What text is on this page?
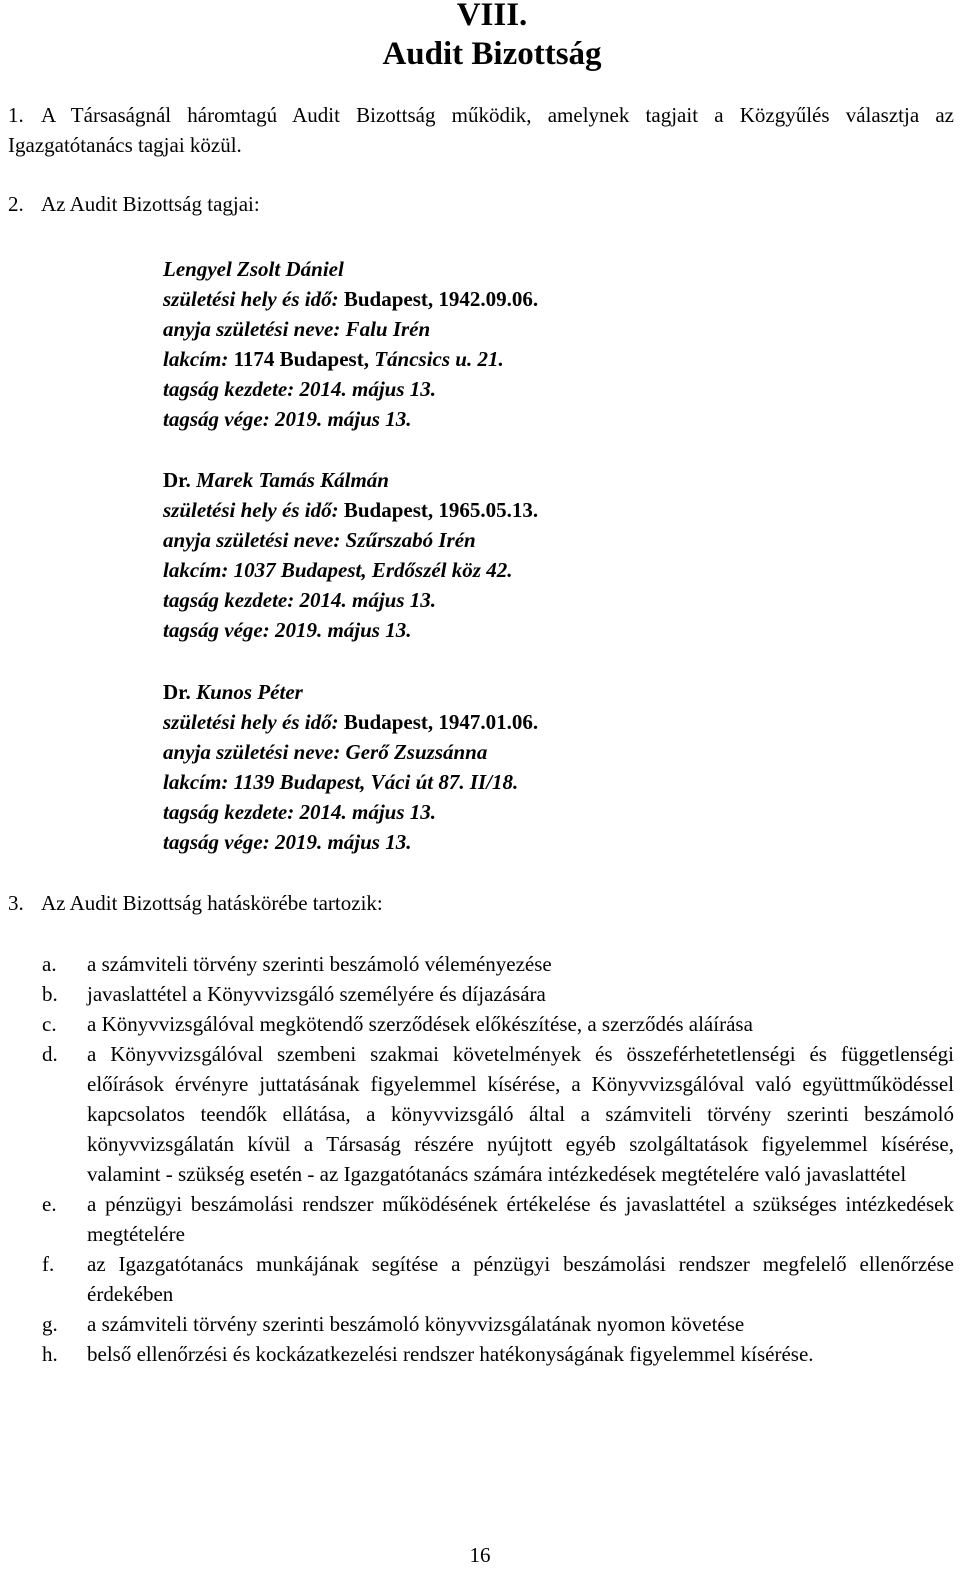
VIII.
Audit Bizottság
1. A Társaságnál háromtagú Audit Bizottság működik, amelynek tagjait a Közgyűlés választja az Igazgatótanács tagjai közül.
2. Az Audit Bizottság tagjai:
Lengyel Zsolt Dániel
születési hely és idő: Budapest, 1942.09.06.
anyja születési neve: Falu Irén
lakcím: 1174 Budapest, Táncsics u. 21.
tagság kezdete: 2014. május 13.
tagság vége: 2019. május 13.
Dr. Marek Tamás Kálmán
születési hely és idő: Budapest, 1965.05.13.
anyja születési neve: Szűrszabó Irén
lakcím: 1037 Budapest, Erdőszél köz 42.
tagság kezdete: 2014. május 13.
tagság vége: 2019. május 13.
Dr. Kunos Péter
születési hely és idő: Budapest, 1947.01.06.
anyja születési neve: Gerő Zsuzsánna
lakcím: 1139 Budapest, Váci út 87. II/18.
tagság kezdete: 2014. május 13.
tagság vége: 2019. május 13.
3. Az Audit Bizottság hatáskörébe tartozik:
a.	a számviteli törvény szerinti beszámoló véleményezése
b.	javaslattétel a Könyvvizsgáló személyére és díjazására
c.	a Könyvvizsgálóval megkötendő szerződések előkészítése, a szerződés aláírása
d.	a Könyvvizsgálóval szembeni szakmai követelmények és összeférhetetlenségi és függetlenségi előírások érvényre juttatásának figyelemmel kísérése, a Könyvvizsgálóval való együttműködéssel kapcsolatos teendők ellátása, a könyvvizsgáló által a számviteli törvény szerinti beszámoló könyvvizsgálatán kívül a Társaság részére nyújtott egyéb szolgáltatások figyelemmel kísérése, valamint - szükség esetén - az Igazgatótanács számára intézkedések megtételére való javaslattétel
e.	a pénzügyi beszámolási rendszer működésének értékelése és javaslattétel a szükséges intézkedések megtételére
f.	az Igazgatótanács munkájának segítése a pénzügyi beszámolási rendszer megfelelő ellenőrzése érdekében
g.	a számviteli törvény szerinti beszámoló könyvvizsgálatának nyomon követése
h.	belső ellenőrzési és kockázatkezelési rendszer hatékonyságának figyelemmel kísérése.
16
